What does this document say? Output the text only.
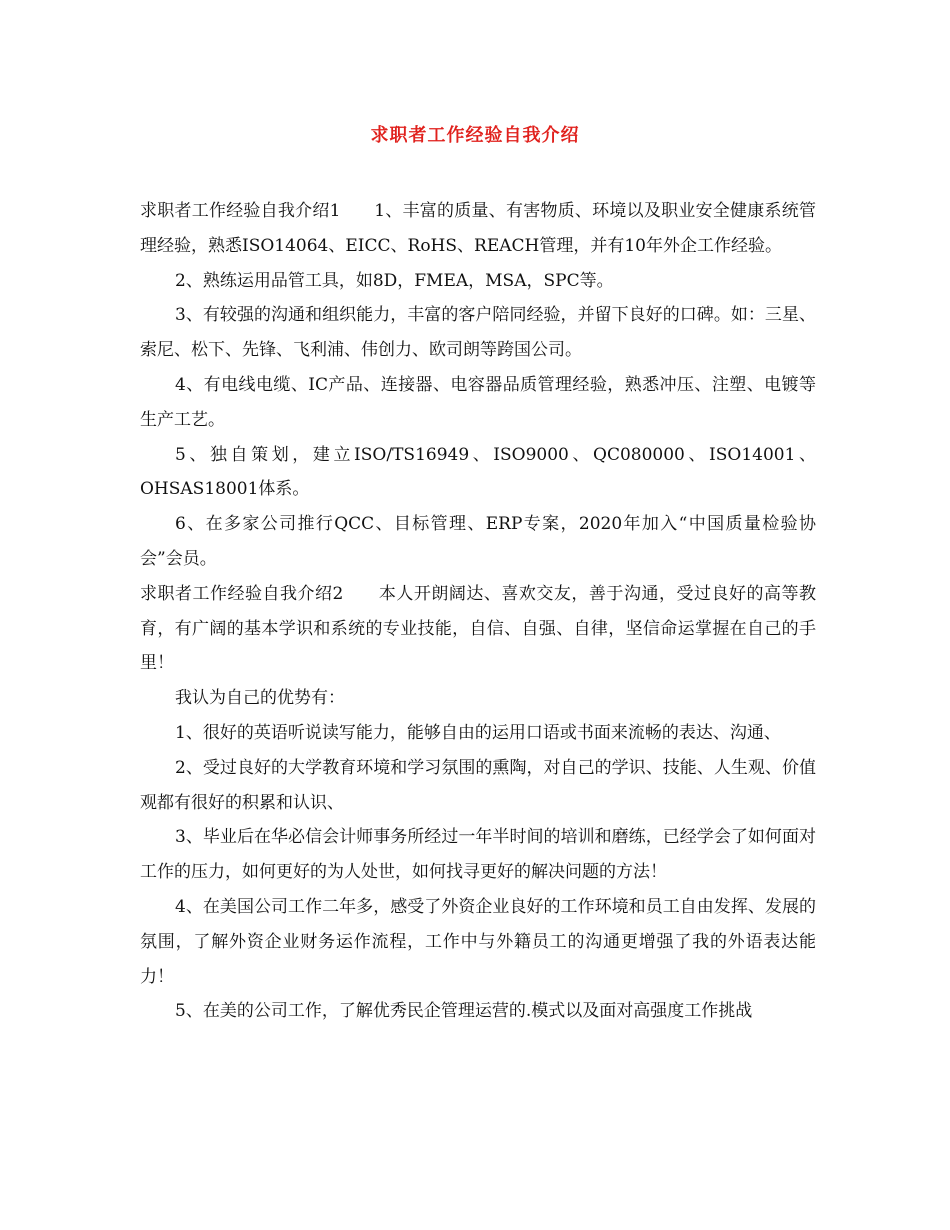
求职者工作经验自我介绍

求职者工作经验自我介绍1 1、丰富的质量、有害物质、环境以及职业安全健康系统管理经验，熟悉ISO14064、EICC、RoHS、REACH管理，并有10年外企工作经验。

2、熟练运用品管工具，如8D，FMEA，MSA，SPC等。

3、有较强的沟通和组织能力，丰富的客户陪同经验，并留下良好的口碑。如：三星、索尼、松下、先锋、飞利浦、伟创力、欧司朗等跨国公司。

4、有电线电缆、IC产品、连接器、电容器品质管理经验，熟悉冲压、注塑、电镀等生产工艺。

5、独自策划，建立ISO/TS16949、ISO9000、QC080000、ISO14001、OHSAS18001体系。

6、在多家公司推行QCC、目标管理、ERP专案，2020年加入“中国质量检验协会”会员。

求职者工作经验自我介绍2 本人开朗阔达、喜欢交友，善于沟通，受过良好的高等教育，有广阔的基本学识和系统的专业技能，自信、自强、自律，坚信命运掌握在自己的手里！

我认为自己的优势有：

1、很好的英语听说读写能力，能够自由的运用口语或书面来流畅的表达、沟通、

2、受过良好的大学教育环境和学习氛围的熏陶，对自己的学识、技能、人生观、价值观都有很好的积累和认识、

3、毕业后在华必信会计师事务所经过一年半时间的培训和磨练，已经学会了如何面对工作的压力，如何更好的为人处世，如何找寻更好的解决问题的方法！

4、在美国公司工作二年多，感受了外资企业良好的工作环境和员工自由发挥、发展的氛围，了解外资企业财务运作流程，工作中与外籍员工的沟通更增强了我的外语表达能力！

5、在美的公司工作，了解优秀民企管理运营的.模式以及面对高强度工作挑战
